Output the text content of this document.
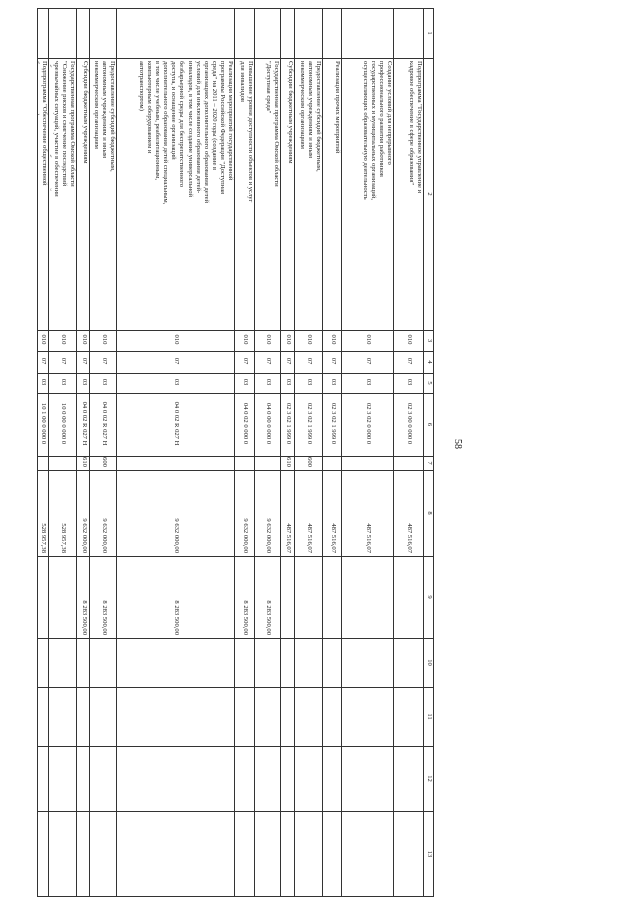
58
1
2
3
4
5
6
7
8
9
10
11
12
13
Подпрограмма "Государственное управление и
кадровое обеспечение в сфере образования"
010
07
03
02 3 00 0 000 0
487 516,07
Создание условий для непрерывного
профессионального развития работников
государственных и муниципальных организаций,
осуществляющих образовательную деятельность
010
07
03
02 3 02 0 000 0
487 516,07
Реализация прочих мероприятий
010
07
03
02 3 02 1 999 0
487 516,07
Предоставление субсидий бюджетным,
автономным учреждениям и иным
некоммерческим организациям
010
07
03
02 3 02 1 999 0
600
487 516,07
Субсидии бюджетным учреждениям
010
07
03
02 3 02 1 999 0
610
487 516,07
Государственная программа Омской области
"Доступная среда"
010
07
03
04 0 00 0 000 0
9 632 000,00
8 283 500,00
Повышение уровня доступности объектов и услуг
для инвалидов
010
07
03
04 0 02 0 000 0
9 632 000,00
8 283 500,00
Реализация мероприятий государственной
программы Российской Федерации "Доступная
среда" на 2011 – 2020 годы (создание в
организациях дополнительного образования детей
условий для инклюзивного образования детей-
инвалидов, в том числе создание универсальной
безбарьерной среды для беспрепятственного
доступа, и оснащение организаций
дополнительного образования детей специальным,
в том числе учебным, реабилитационным,
компьютерным оборудованием и
автотранспортом)
010
07
03
04 0 02 R 027 Н
9 632 000,00
8 283 500,00
Предоставление субсидий бюджетным,
автономным учреждениям и иным
некоммерческим организациям
010
07
03
04 0 02 R 027 Н
600
9 632 000,00
8 283 500,00
Субсидии бюджетным учреждениям
010
07
03
04 0 02 R 027 Н
610
9 632 000,00
8 283 500,00
Государственная программа Омской области
"Снижение рисков и смягчение последствий
чрезвычайных ситуаций, участие в обеспечении
010
07
03
10 0 00 0 000 0
528 957,38
Подпрограмма "Обеспечение общественной
010
07
03
10 1 00 0 000 0
528 957,38
